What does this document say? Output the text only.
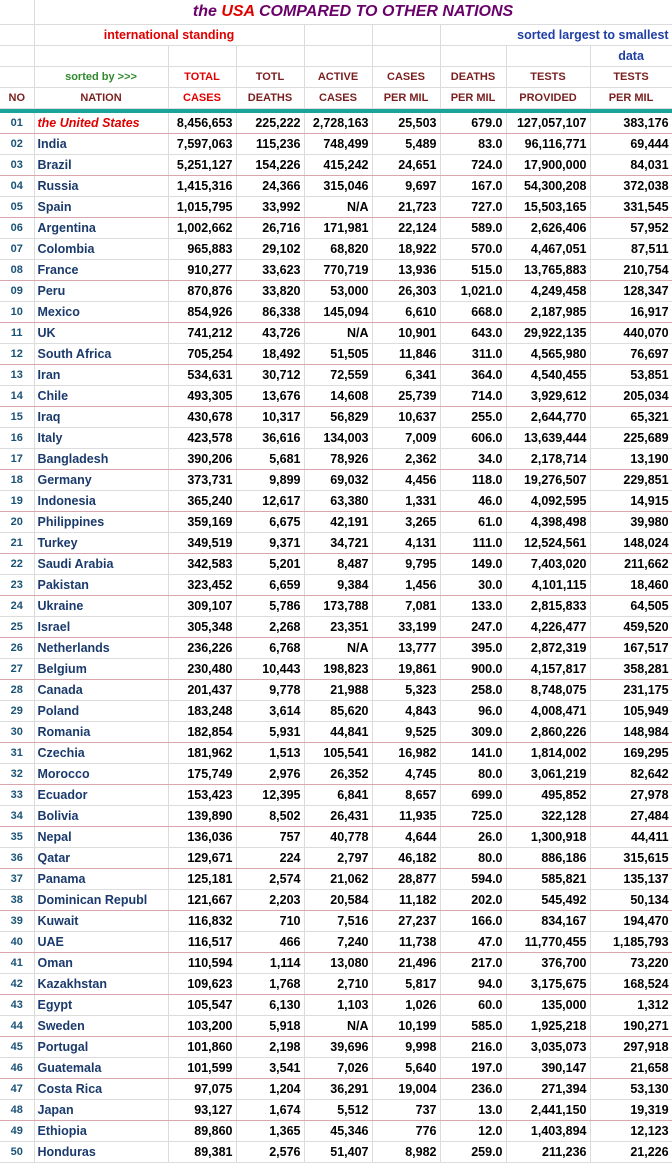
	the USA COMPARED TO OTHER NATIONS							
	international standing					sorted largest to smallest		
								data
	sorted by >>>	TOTAL	TOTL	ACTIVE	CASES	DEATHS	TESTS	TESTS
NO	NATION	CASES	DEATHS	CASES	PER MIL	PER MIL	PROVIDED	PER MIL

01	the United States	8,456,653	225,222	2,728,163	25,503	679.0	127,057,107	383,176
02	India	7,597,063	115,236	748,499	5,489	83.0	96,116,771	69,444
03	Brazil	5,251,127	154,226	415,242	24,651	724.0	17,900,000	84,031
04	Russia	1,415,316	24,366	315,046	9,697	167.0	54,300,208	372,038
05	Spain	1,015,795	33,992	N/A	21,723	727.0	15,503,165	331,545
06	Argentina	1,002,662	26,716	171,981	22,124	589.0	2,626,406	57,952
07	Colombia	965,883	29,102	68,820	18,922	570.0	4,467,051	87,511
08	France	910,277	33,623	770,719	13,936	515.0	13,765,883	210,754
09	Peru	870,876	33,820	53,000	26,303	1,021.0	4,249,458	128,347
10	Mexico	854,926	86,338	145,094	6,610	668.0	2,187,985	16,917
11	UK	741,212	43,726	N/A	10,901	643.0	29,922,135	440,070
12	South Africa	705,254	18,492	51,505	11,846	311.0	4,565,980	76,697
13	Iran	534,631	30,712	72,559	6,341	364.0	4,540,455	53,851
14	Chile	493,305	13,676	14,608	25,739	714.0	3,929,612	205,034
15	Iraq	430,678	10,317	56,829	10,637	255.0	2,644,770	65,321
16	Italy	423,578	36,616	134,003	7,009	606.0	13,639,444	225,689
17	Bangladesh	390,206	5,681	78,926	2,362	34.0	2,178,714	13,190
18	Germany	373,731	9,899	69,032	4,456	118.0	19,276,507	229,851
19	Indonesia	365,240	12,617	63,380	1,331	46.0	4,092,595	14,915
20	Philippines	359,169	6,675	42,191	3,265	61.0	4,398,498	39,980
21	Turkey	349,519	9,371	34,721	4,131	111.0	12,524,561	148,024
22	Saudi Arabia	342,583	5,201	8,487	9,795	149.0	7,403,020	211,662
23	Pakistan	323,452	6,659	9,384	1,456	30.0	4,101,115	18,460
24	Ukraine	309,107	5,786	173,788	7,081	133.0	2,815,833	64,505
25	Israel	305,348	2,268	23,351	33,199	247.0	4,226,477	459,520
26	Netherlands	236,226	6,768	N/A	13,777	395.0	2,872,319	167,517
27	Belgium	230,480	10,443	198,823	19,861	900.0	4,157,817	358,281
28	Canada	201,437	9,778	21,988	5,323	258.0	8,748,075	231,175
29	Poland	183,248	3,614	85,620	4,843	96.0	4,008,471	105,949
30	Romania	182,854	5,931	44,841	9,525	309.0	2,860,226	148,984
31	Czechia	181,962	1,513	105,541	16,982	141.0	1,814,002	169,295
32	Morocco	175,749	2,976	26,352	4,745	80.0	3,061,219	82,642
33	Ecuador	153,423	12,395	6,841	8,657	699.0	495,852	27,978
34	Bolivia	139,890	8,502	26,431	11,935	725.0	322,128	27,484
35	Nepal	136,036	757	40,778	4,644	26.0	1,300,918	44,411
36	Qatar	129,671	224	2,797	46,182	80.0	886,186	315,615
37	Panama	125,181	2,574	21,062	28,877	594.0	585,821	135,137
38	Dominican Republ	121,667	2,203	20,584	11,182	202.0	545,492	50,134
39	Kuwait	116,832	710	7,516	27,237	166.0	834,167	194,470
40	UAE	116,517	466	7,240	11,738	47.0	11,770,455	1,185,793
41	Oman	110,594	1,114	13,080	21,496	217.0	376,700	73,220
42	Kazakhstan	109,623	1,768	2,710	5,817	94.0	3,175,675	168,524
43	Egypt	105,547	6,130	1,103	1,026	60.0	135,000	1,312
44	Sweden	103,200	5,918	N/A	10,199	585.0	1,925,218	190,271
45	Portugal	101,860	2,198	39,696	9,998	216.0	3,035,073	297,918
46	Guatemala	101,599	3,541	7,026	5,640	197.0	390,147	21,658
47	Costa Rica	97,075	1,204	36,291	19,004	236.0	271,394	53,130
48	Japan	93,127	1,674	5,512	737	13.0	2,441,150	19,319
49	Ethiopia	89,860	1,365	45,346	776	12.0	1,403,894	12,123
50	Honduras	89,381	2,576	51,407	8,982	259.0	211,236	21,226
